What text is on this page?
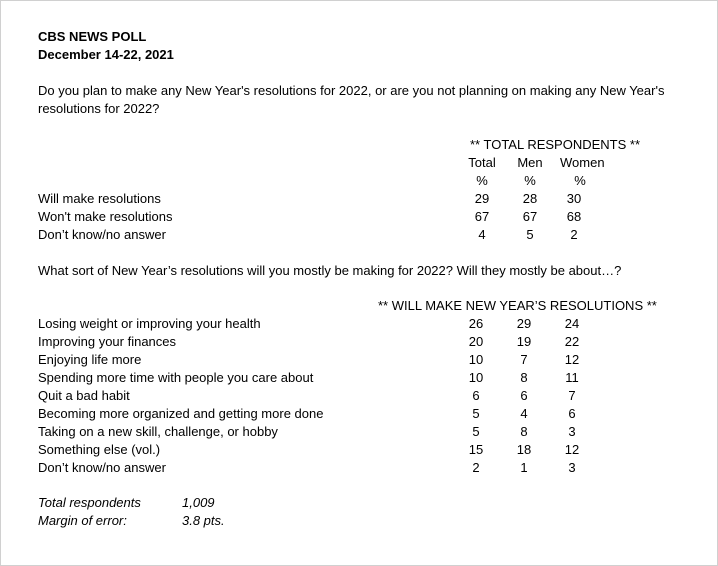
CBS NEWS POLL
December 14-22, 2021
Do you plan to make any New Year's resolutions for 2022, or are you not planning on making any New Year's resolutions for 2022?
** TOTAL RESPONDENTS **
Total	Men	Women
%	%	%
Will make resolutions	29	28	30
Won't make resolutions	67	67	68
Don’t know/no answer	4	5	2
What sort of New Year’s resolutions will you mostly be making for 2022? Will they mostly be about…?
** WILL MAKE NEW YEAR’S RESOLUTIONS **
Losing weight or improving your health	26	29	24
Improving your finances	20	19	22
Enjoying life more	10	7	12
Spending more time with people you care about	10	8	11
Quit a bad habit	6	6	7
Becoming more organized and getting more done	5	4	6
Taking on a new skill, challenge, or hobby	5	8	3
Something else (vol.)	15	18	12
Don’t know/no answer	2	1	3
Total respondents	1,009
Margin of error:	3.8 pts.
